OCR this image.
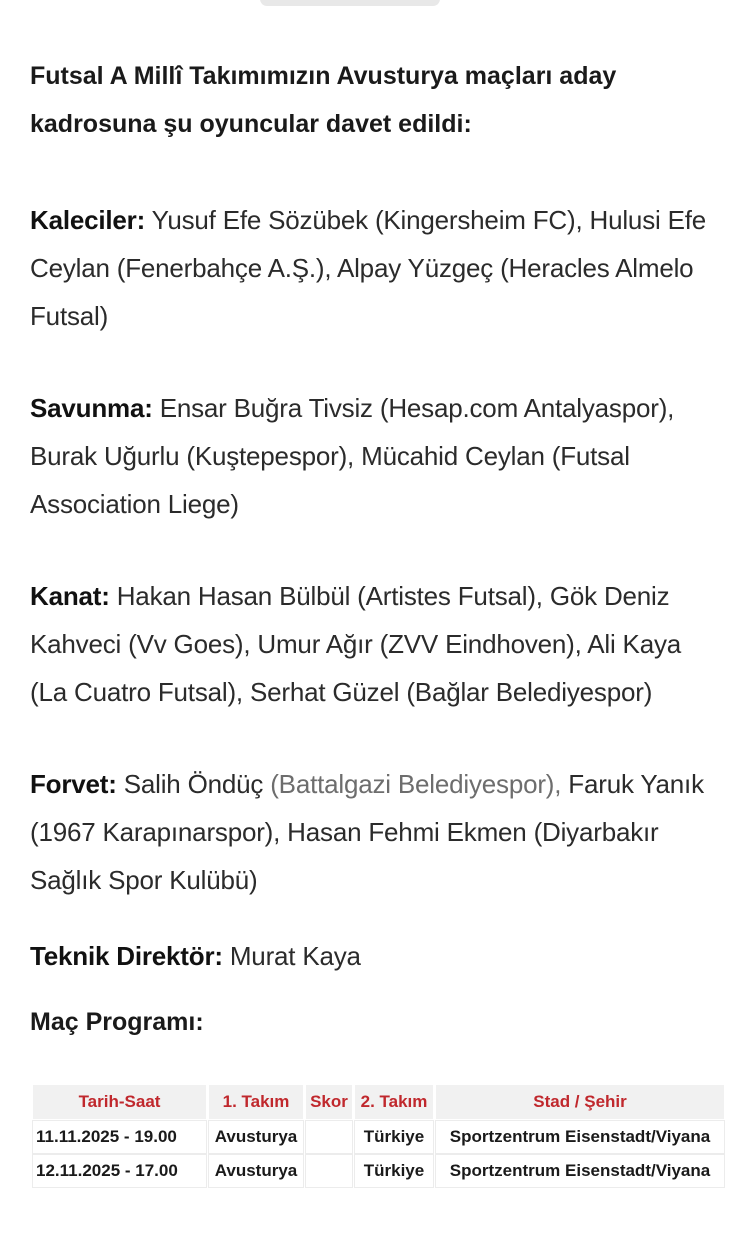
Futsal A Millî Takımımızın Avusturya maçları aday kadrosuna şu oyuncular davet edildi:

Kaleciler: Yusuf Efe Sözübek (Kingersheim FC), Hulusi Efe Ceylan (Fenerbahçe A.Ş.), Alpay Yüzgeç (Heracles Almelo Futsal)

Savunma: Ensar Buğra Tivsiz (Hesap.com Antalyaspor), Burak Uğurlu (Kuştepespor), Mücahid Ceylan (Futsal Association Liege)

Kanat: Hakan Hasan Bülbül (Artistes Futsal), Gök Deniz Kahveci (Vv Goes), Umur Ağır (ZVV Eindhoven), Ali Kaya (La Cuatro Futsal), Serhat Güzel (Bağlar Belediyespor)

Forvet: Salih Öndüç (Battalgazi Belediyespor), Faruk Yanık (1967 Karapınarspor), Hasan Fehmi Ekmen (Diyarbakır Sağlık Spor Kulübü)

Teknik Direktör: Murat Kaya

Maç Programı:

Tarih-Saat	1. Takım	Skor	2. Takım	Stad / Şehir
11.11.2025 - 19.00	Avusturya		Türkiye	Sportzentrum Eisenstadt/Viyana
12.11.2025 - 17.00	Avusturya		Türkiye	Sportzentrum Eisenstadt/Viyana
